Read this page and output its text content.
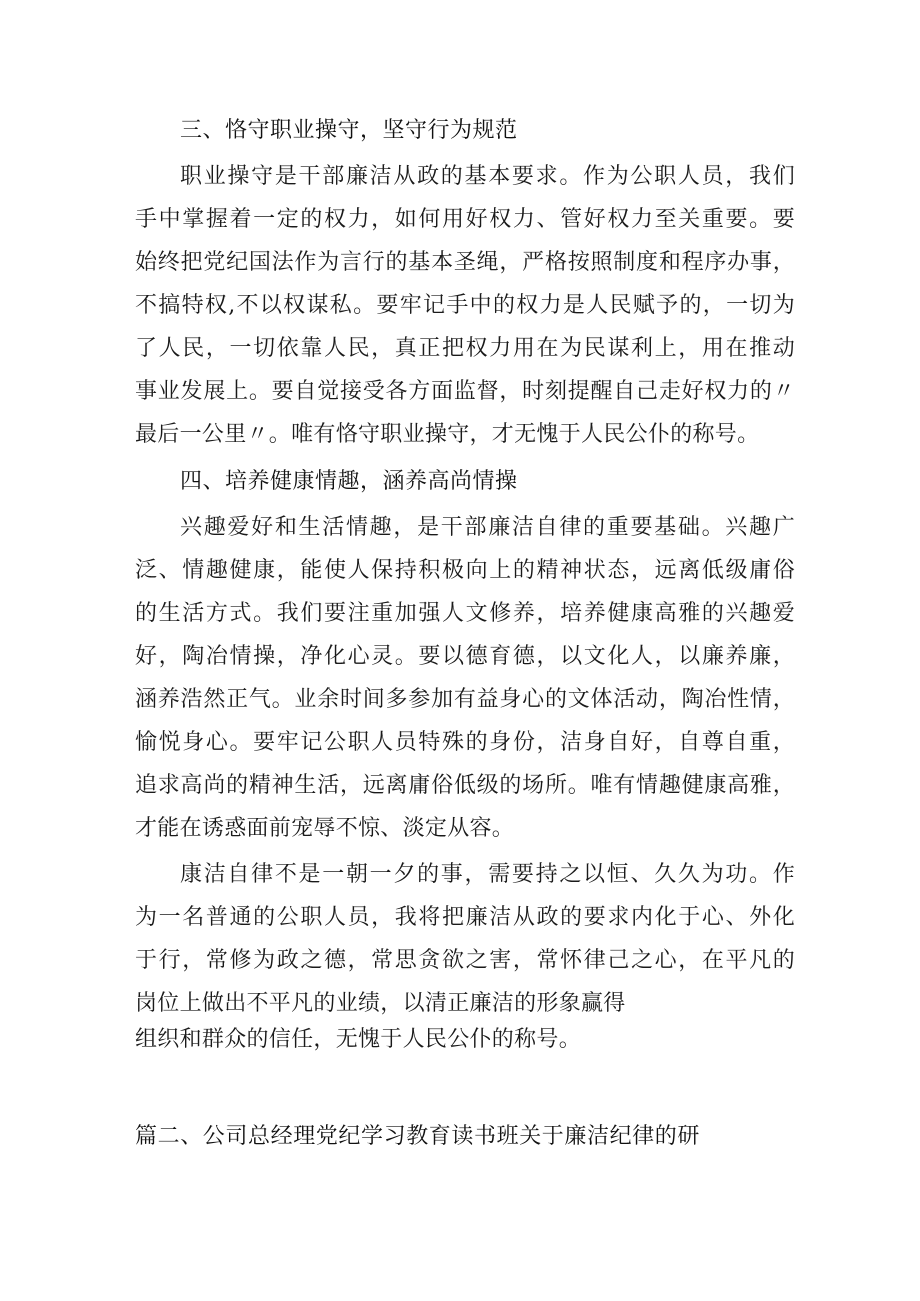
三、恪守职业操守，坚守行为规范
职业操守是干部廉洁从政的基本要求。作为公职人员，我们
手中掌握着一定的权力，如何用好权力、管好权力至关重要。要
始终把党纪国法作为言行的基本圣绳，严格按照制度和程序办事，
不搞特权,不以权谋私。要牢记手中的权力是人民赋予的，一切为
了人民，一切依靠人民，真正把权力用在为民谋利上，用在推动
事业发展上。要自觉接受各方面监督，时刻提醒自己走好权力的〃
最后一公里〃。唯有恪守职业操守，才无愧于人民公仆的称号。
四、培养健康情趣，涵养高尚情操
兴趣爱好和生活情趣，是干部廉洁自律的重要基础。兴趣广
泛、情趣健康，能使人保持积极向上的精神状态，远离低级庸俗
的生活方式。我们要注重加强人文修养，培养健康高雅的兴趣爱
好，陶冶情操，净化心灵。要以德育德，以文化人，以廉养廉，
涵养浩然正气。业余时间多参加有益身心的文体活动，陶冶性情，
愉悦身心。要牢记公职人员特殊的身份，洁身自好，自尊自重，
追求高尚的精神生活，远离庸俗低级的场所。唯有情趣健康高雅，
才能在诱惑面前宠辱不惊、淡定从容。
康洁自律不是一朝一夕的事，需要持之以恒、久久为功。作
为一名普通的公职人员，我将把廉洁从政的要求内化于心、外化
于行，常修为政之德，常思贪欲之害，常怀律己之心，在平凡的
岗位上做出不平凡的业绩，以清正廉洁的形象赢得
组织和群众的信任，无愧于人民公仆的称号。
篇二、公司总经理党纪学习教育读书班关于廉洁纪律的研
